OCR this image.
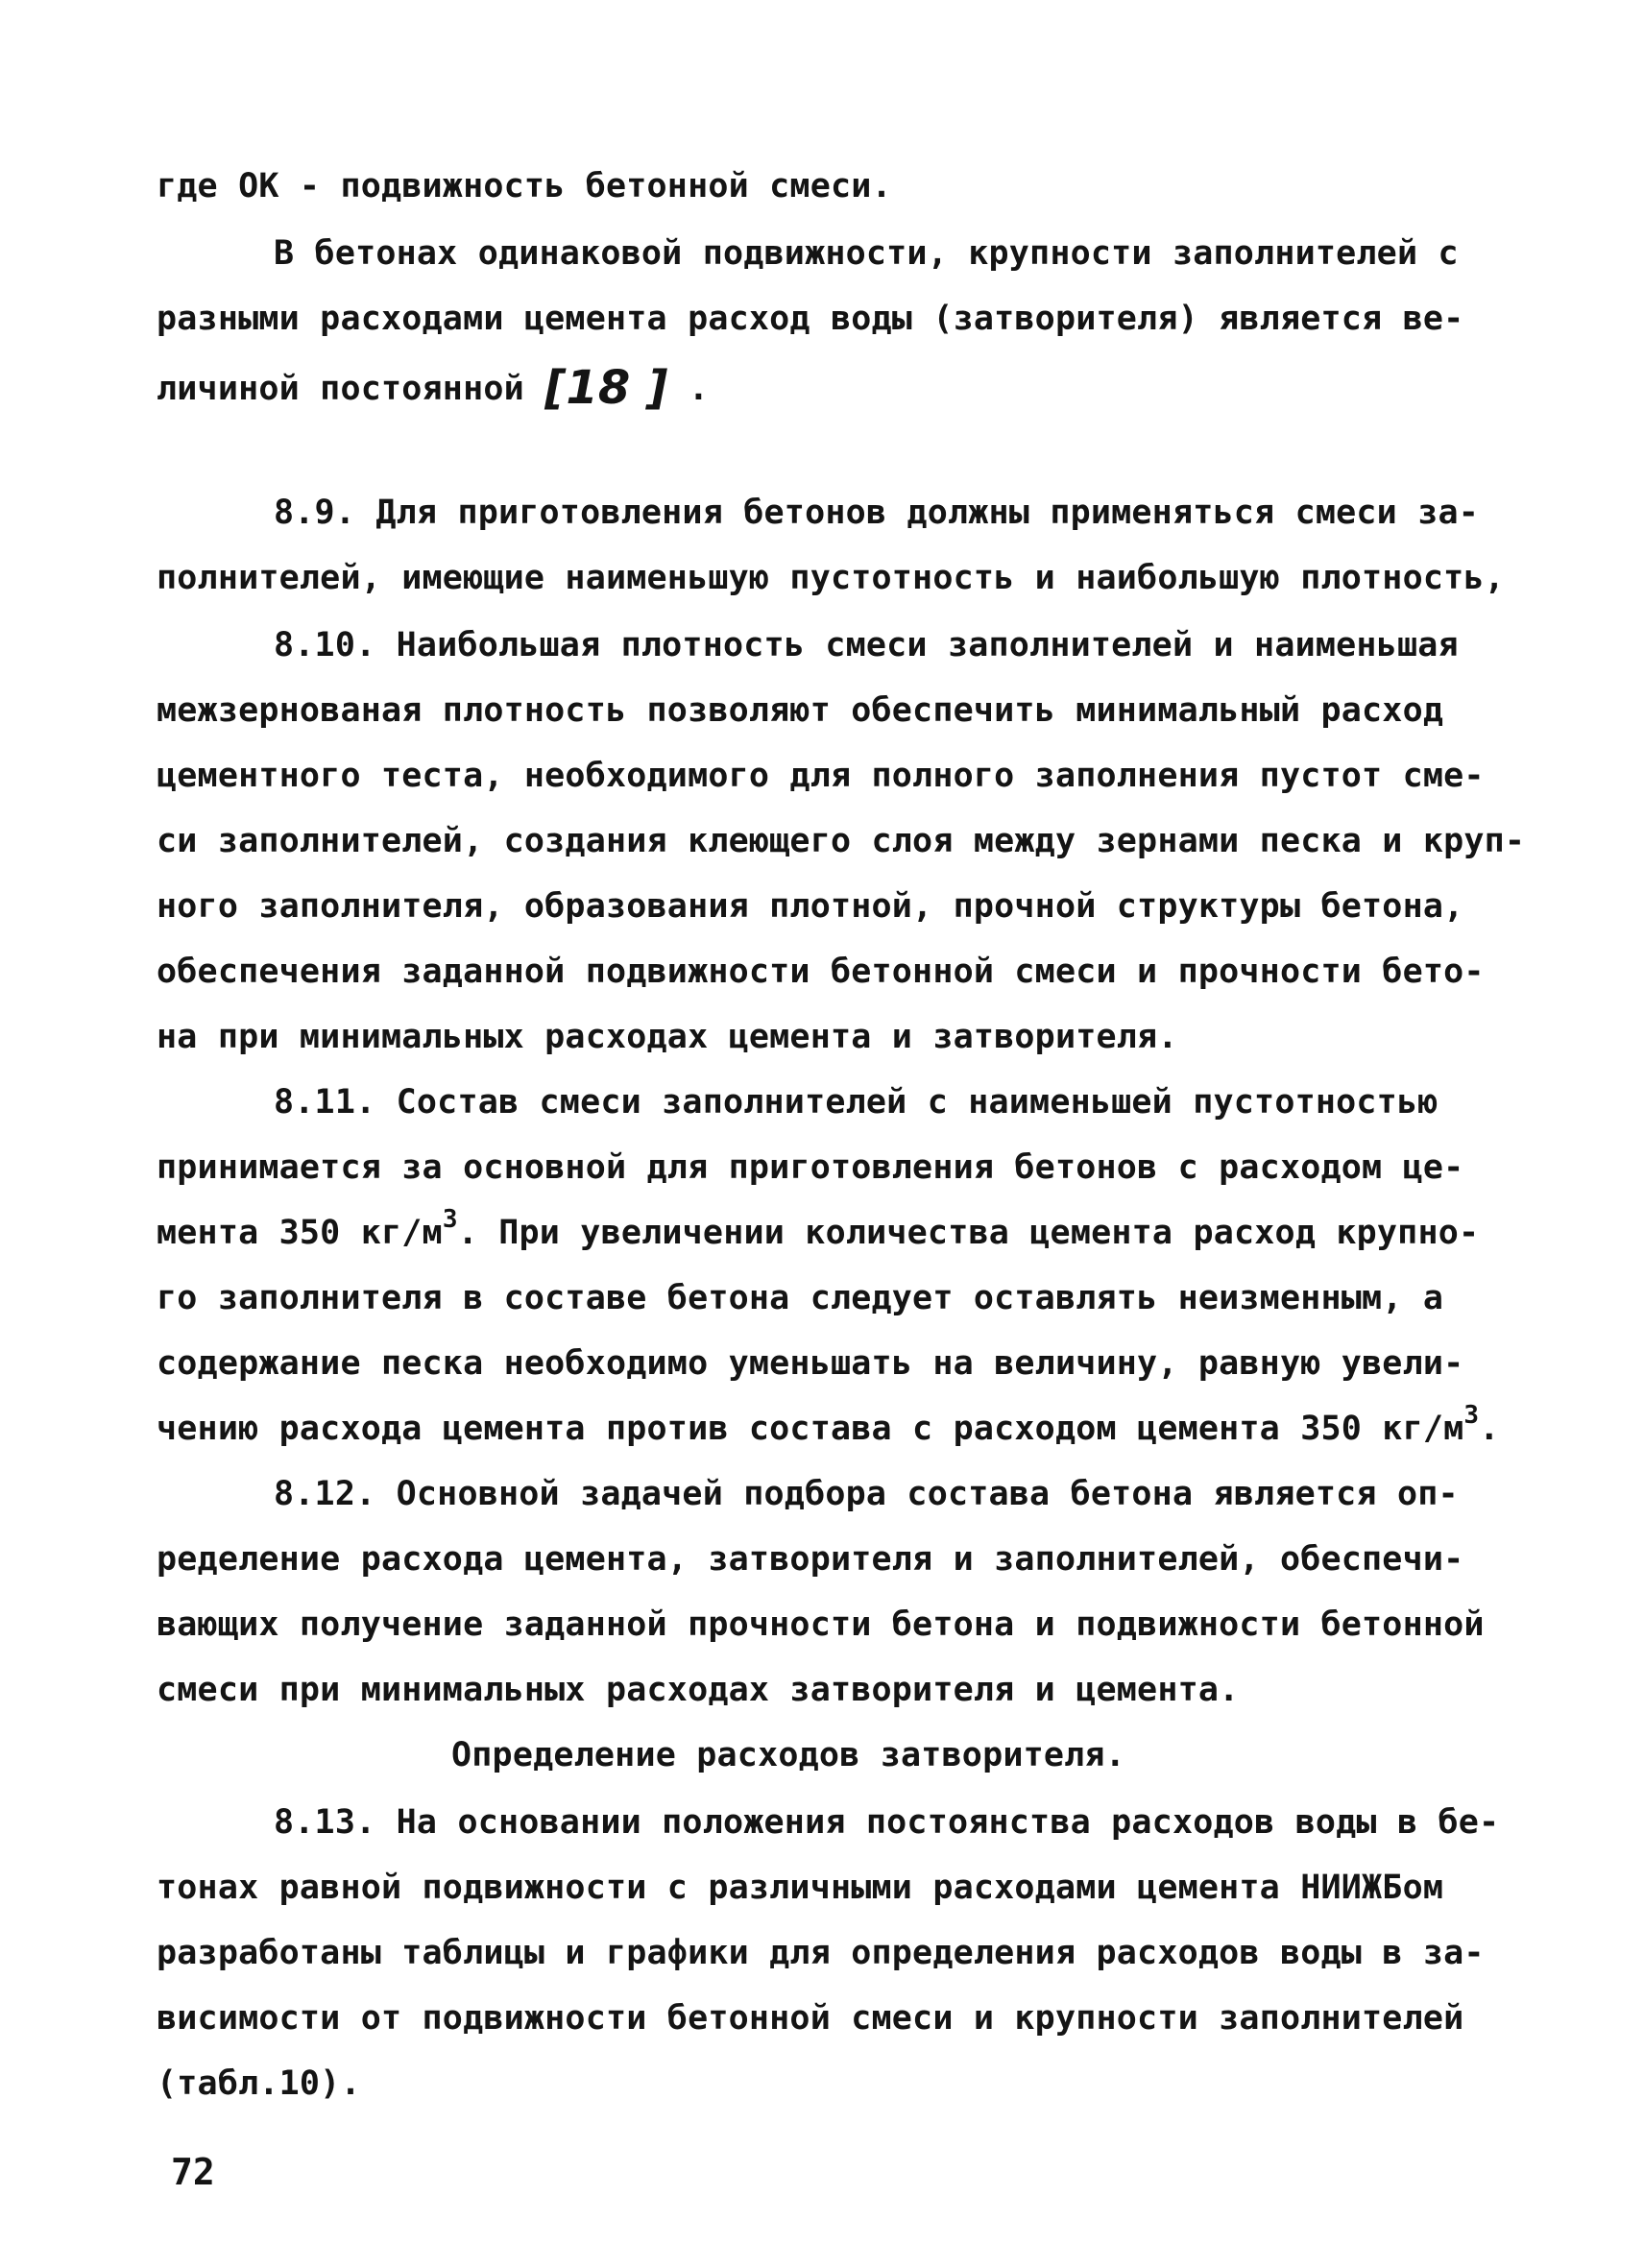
где ОК - подвижность бетонной смеси.
В бетонах одинаковой подвижности, крупности заполнителей с
разными расходами цемента расход воды (затворителя) является ве-
личиной постоянной [18 ] .
8.9. Для приготовления бетонов должны применяться смеси за-
полнителей, имеющие наименьшую пустотность и наибольшую плотность,
8.10. Наибольшая плотность смеси заполнителей и наименьшая
межзернованая плотность позволяют обеспечить минимальный расход
цементного теста, необходимого для полного заполнения пустот сме-
си заполнителей, создания клеющего слоя между зернами песка и круп-
ного заполнителя, образования плотной, прочной структуры бетона,
обеспечения заданной подвижности бетонной смеси и прочности бето-
на при минимальных расходах цемента и затворителя.
8.11. Состав смеси заполнителей с наименьшей пустотностью
принимается за основной для приготовления бетонов с расходом це-
мента 350 $кг/м^3$. При увеличении количества цемента расход крупно-
го заполнителя в составе бетона следует оставлять неизменным, а
содержание песка необходимо уменьшать на величину, равную увели-
чению расхода цемента против состава с расходом цемента 350 $кг/м^3$.
8.12. Основной задачей подбора состава бетона является оп-
ределение расхода цемента, затворителя и заполнителей, обеспечи-
вающих получение заданной прочности бетона и подвижности бетонной
смеси при минимальных расходах затворителя и цемента.
Определение расходов затворителя.
8.13. На основании положения постоянства расходов воды в бе-
тонах равной подвижности с различными расходами цемента НИИЖБом
разработаны таблицы и графики для определения расходов воды в за-
висимости от подвижности бетонной смеси и крупности заполнителей
(табл.10).
72
